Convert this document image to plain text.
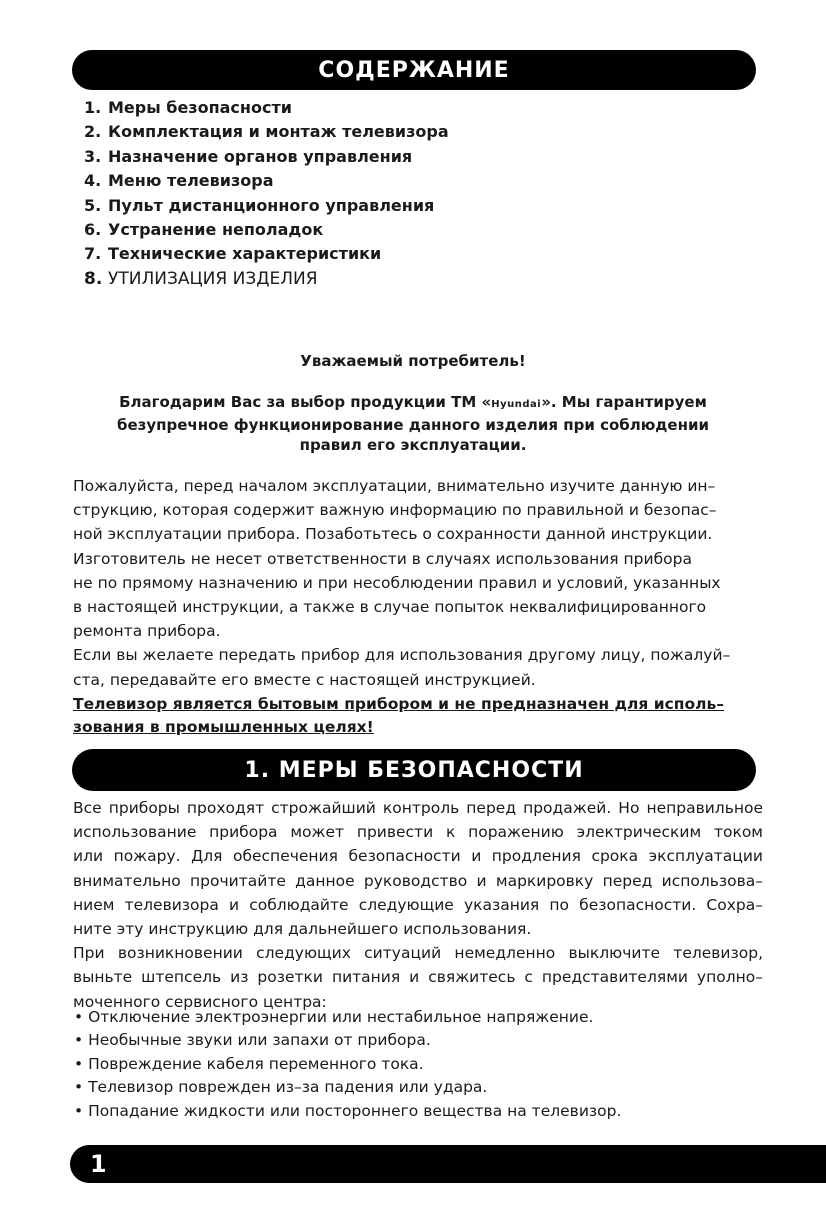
СОДЕРЖАНИЕ
1. Меры безопасности
2. Комплектация и монтаж телевизора
3. Назначение органов управления
4. Меню телевизора
5. Пульт дистанционного управления
6. Устранение неполадок
7. Технические характеристики
8. УТИЛИЗАЦИЯ ИЗДЕЛИЯ
Уважаемый потребитель!
Благодарим Вас за выбор продукции ТМ «Hyundai». Мы гарантируем
безупречное функционирование данного изделия при соблюдении
правил его эксплуатации.
Пожалуйста, перед началом эксплуатации, внимательно изучите данную ин–
струкцию, которая содержит важную информацию по правильной и безопас–
ной эксплуатации прибора. Позаботьтесь о сохранности данной инструкции.
Изготовитель не несет ответственности в случаях использования прибора
не по прямому назначению и при несоблюдении правил и условий, указанных
в настоящей инструкции, а также в случае попыток неквалифицированного
ремонта прибора.
Если вы желаете передать прибор для использования другому лицу, пожалуй–
ста, передавайте его вместе с настоящей инструкцией.
Телевизор является бытовым прибором и не предназначен для исполь–
зования в промышленных целях!
1. МЕРЫ БЕЗОПАСНОСТИ
Все приборы проходят строжайший контроль перед продажей. Но неправильное
использование прибора может привести к поражению электрическим током
или пожару. Для обеспечения безопасности и продления срока эксплуатации
внимательно прочитайте данное руководство и маркировку перед использова–
нием телевизора и соблюдайте следующие указания по безопасности. Сохра–
ните эту инструкцию для дальнейшего использования.
При возникновении следующих ситуаций немедленно выключите телевизор,
выньте штепсель из розетки питания и свяжитесь с представителями уполно–
моченного сервисного центра:
• Отключение электроэнергии или нестабильное напряжение.
• Необычные звуки или запахи от прибора.
• Повреждение кабеля переменного тока.
• Телевизор поврежден из–за падения или удара.
• Попадание жидкости или постороннего вещества на телевизор.
1
